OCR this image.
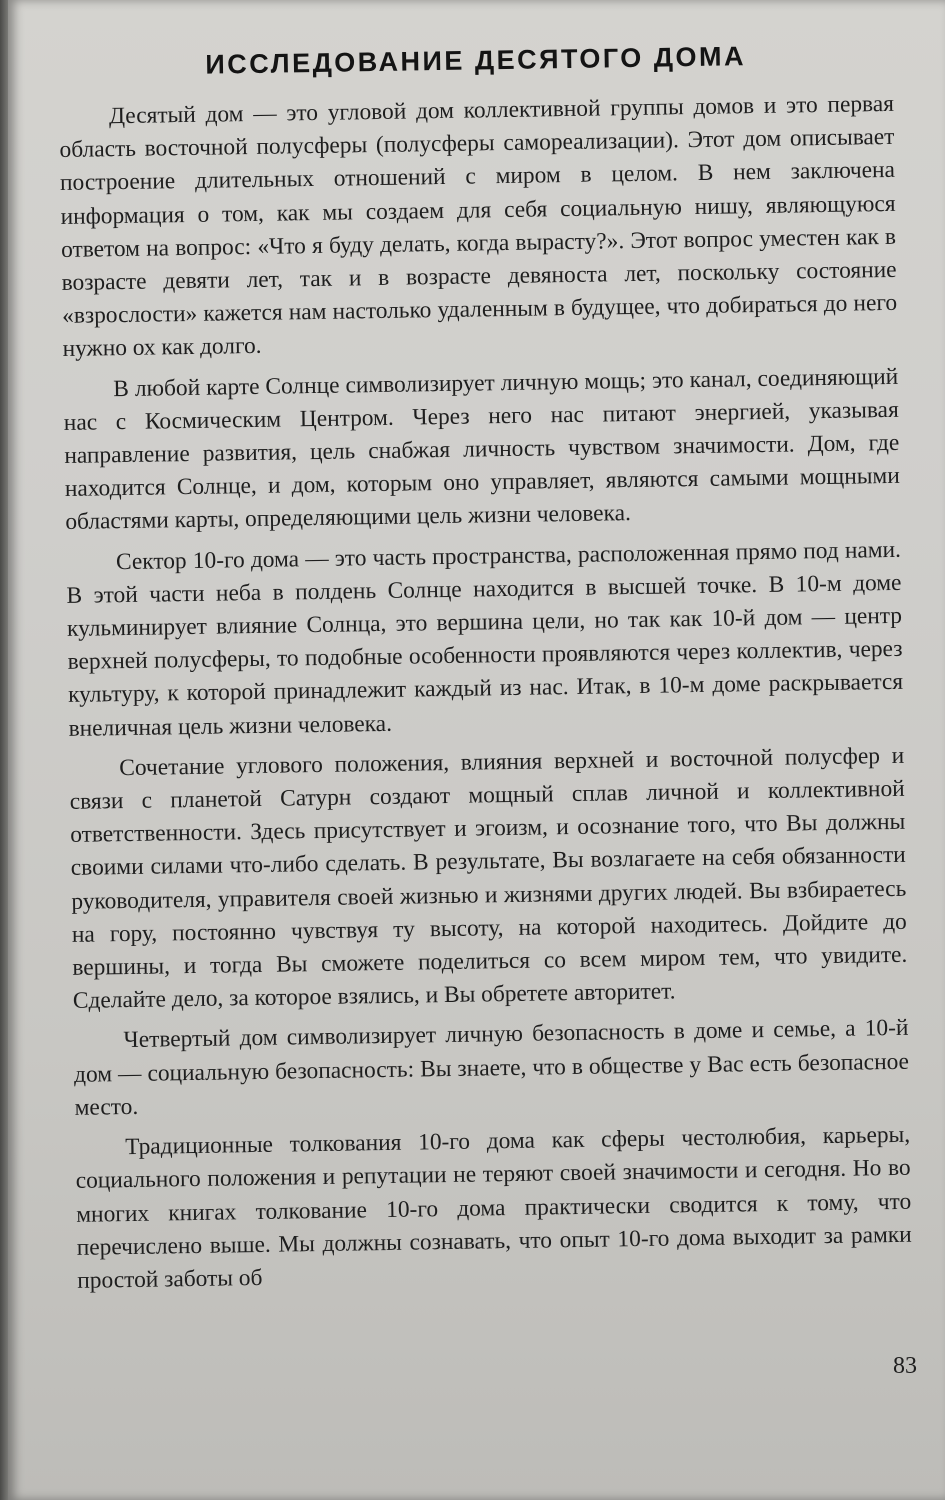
ИССЛЕДОВАНИЕ ДЕСЯТОГО ДОМА

Десятый дом — это угловой дом коллективной группы домов и это первая область восточной полусферы (полусферы самореализации). Этот дом описывает построение длительных отношений с миром в целом. В нем заключена информация о том, как мы создаем для себя социальную нишу, являющуюся ответом на вопрос: «Что я буду делать, когда вырасту?». Этот вопрос уместен как в возрасте девяти лет, так и в возрасте девяноста лет, поскольку состояние «взрослости» кажется нам настолько удаленным в будущее, что добираться до него нужно ох как долго.

В любой карте Солнце символизирует личную мощь; это канал, соединяющий нас с Космическим Центром. Через него нас питают энергией, указывая направление развития, цель снабжая личность чувством значимости. Дом, где находится Солнце, и дом, которым оно управляет, являются самыми мощными областями карты, определяющими цель жизни человека.

Сектор 10-го дома — это часть пространства, расположенная прямо под нами. В этой части неба в полдень Солнце находится в высшей точке. В 10-м доме кульминирует влияние Солнца, это вершина цели, но так как 10-й дом — центр верхней полусферы, то подобные особенности проявляются через коллектив, через культуру, к которой принадлежит каждый из нас. Итак, в 10-м доме раскрывается внеличная цель жизни человека.

Сочетание углового положения, влияния верхней и восточной полусфер и связи с планетой Сатурн создают мощный сплав личной и коллективной ответственности. Здесь присутствует и эгоизм, и осознание того, что Вы должны своими силами что-либо сделать. В результате, Вы возлагаете на себя обязанности руководителя, управителя своей жизнью и жизнями других людей. Вы взбираетесь на гору, постоянно чувствуя ту высоту, на которой находитесь. Дойдите до вершины, и тогда Вы сможете поделиться со всем миром тем, что увидите. Сделайте дело, за которое взялись, и Вы обретете авторитет.

Четвертый дом символизирует личную безопасность в доме и семье, а 10-й дом — социальную безопасность: Вы знаете, что в обществе у Вас есть безопасное место.

Традиционные толкования 10-го дома как сферы честолюбия, карьеры, социального положения и репутации не теряют своей значимости и сегодня. Но во многих книгах толкование 10-го дома практически сводится к тому, что перечислено выше. Мы должны сознавать, что опыт 10-го дома выходит за рамки простой заботы об

83
